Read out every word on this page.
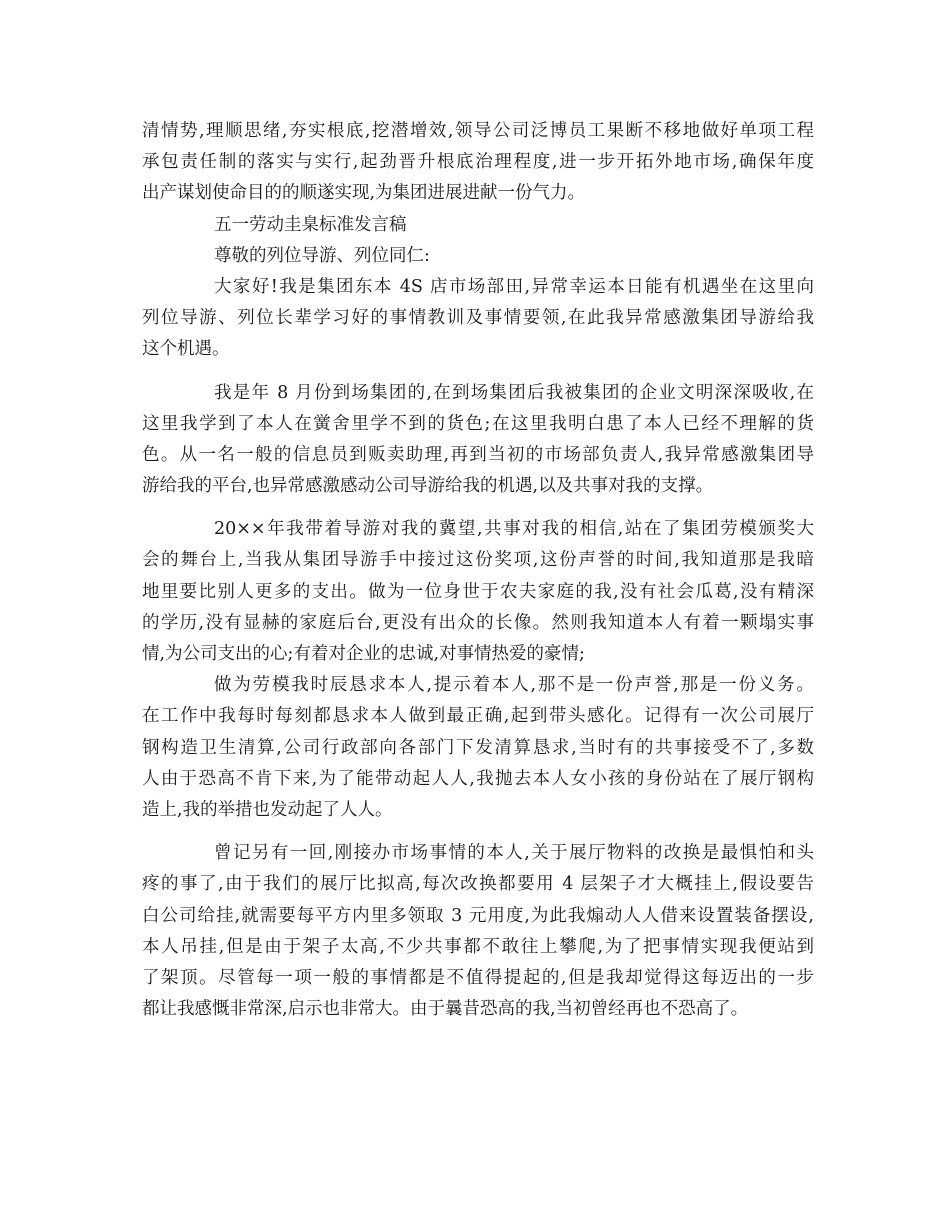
清情势,理顺思绪,夯实根底,挖潜增效,领导公司泛博员工果断不移地做好单项工程
承包责任制的落实与实行,起劲晋升根底治理程度,进一步开拓外地市场,确保年度
出产谋划使命目的的顺遂实现,为集团进展进献一份气力。
五一劳动圭臬标准发言稿
尊敬的列位导游、列位同仁:
大家好!我是集团东本 4S 店市场部田,异常幸运本日能有机遇坐在这里向
列位导游、列位长辈学习好的事情教训及事情要领,在此我异常感激集团导游给我
这个机遇。
我是年 8 月份到场集团的,在到场集团后我被集团的企业文明深深吸收,在
这里我学到了本人在黉舍里学不到的货色;在这里我明白患了本人已经不理解的货
色。从一名一般的信息员到贩卖助理,再到当初的市场部负责人,我异常感激集团导
游给我的平台,也异常感激感动公司导游给我的机遇,以及共事对我的支撑。
20××年我带着导游对我的冀望,共事对我的相信,站在了集团劳模颁奖大
会的舞台上,当我从集团导游手中接过这份奖项,这份声誉的时间,我知道那是我暗
地里要比别人更多的支出。做为一位身世于农夫家庭的我,没有社会瓜葛,没有精深
的学历,没有显赫的家庭后台,更没有出众的长像。然则我知道本人有着一颗塌实事
情,为公司支出的心;有着对企业的忠诚,对事情热爱的豪情;
做为劳模我时辰恳求本人,提示着本人,那不是一份声誉,那是一份义务。
在工作中我每时每刻都恳求本人做到最正确,起到带头感化。记得有一次公司展厅
钢构造卫生清算,公司行政部向各部门下发清算恳求,当时有的共事接受不了,多数
人由于恐高不肯下来,为了能带动起人人,我抛去本人女小孩的身份站在了展厅钢构
造上,我的举措也发动起了人人。
曾记另有一回,刚接办市场事情的本人,关于展厅物料的改换是最惧怕和头
疼的事了,由于我们的展厅比拟高,每次改换都要用 4 层架子才大概挂上,假设要告
白公司给挂,就需要每平方内里多领取 3 元用度,为此我煽动人人借来设置装备摆设,
本人吊挂,但是由于架子太高,不少共事都不敢往上攀爬,为了把事情实现我便站到
了架顶。尽管每一项一般的事情都是不值得提起的,但是我却觉得这每迈出的一步
都让我感慨非常深,启示也非常大。由于曩昔恐高的我,当初曾经再也不恐高了。
